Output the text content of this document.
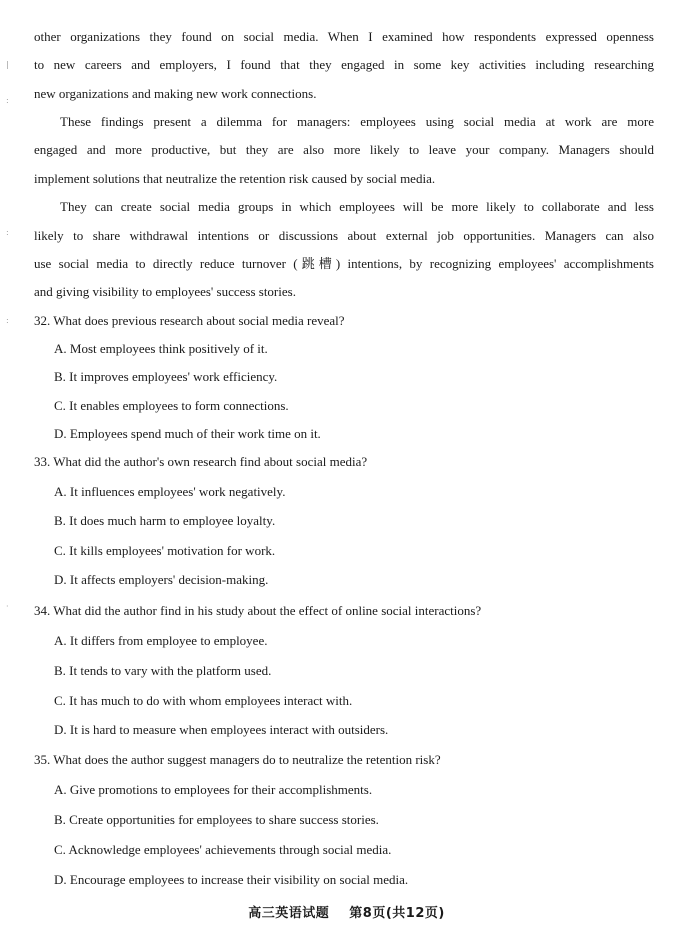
|
:
:
:
·
other organizations they found on social media. When I examined how respondents expressed openness
to new careers and employers, I found that they engaged in some key activities including researching
new organizations and making new work connections.
These findings present a dilemma for managers: employees using social media at work are more
engaged and more productive, but they are also more likely to leave your company. Managers should
implement solutions that neutralize the retention risk caused by social media.
They can create social media groups in which employees will be more likely to collaborate and less
likely to share withdrawal intentions or discussions about external job opportunities. Managers can also
use social media to directly reduce turnover (跳槽) intentions, by recognizing employees' accomplishments
and giving visibility to employees' success stories.
32. What does previous research about social media reveal?
A. Most employees think positively of it.
B. It improves employees' work efficiency.
C. It enables employees to form connections.
D. Employees spend much of their work time on it.
33. What did the author's own research find about social media?
A. It influences employees' work negatively.
B. It does much harm to employee loyalty.
C. It kills employees' motivation for work.
D. It affects employers' decision-making.
34. What did the author find in his study about the effect of online social interactions?
A. It differs from employee to employee.
B. It tends to vary with the platform used.
C. It has much to do with whom employees interact with.
D. It is hard to measure when employees interact with outsiders.
35. What does the author suggest managers do to neutralize the retention risk?
A. Give promotions to employees for their accomplishments.
B. Create opportunities for employees to share success stories.
C. Acknowledge employees' achievements through social media.
D. Encourage employees to increase their visibility on social media.
高三英语试题    第8页(共12页)
